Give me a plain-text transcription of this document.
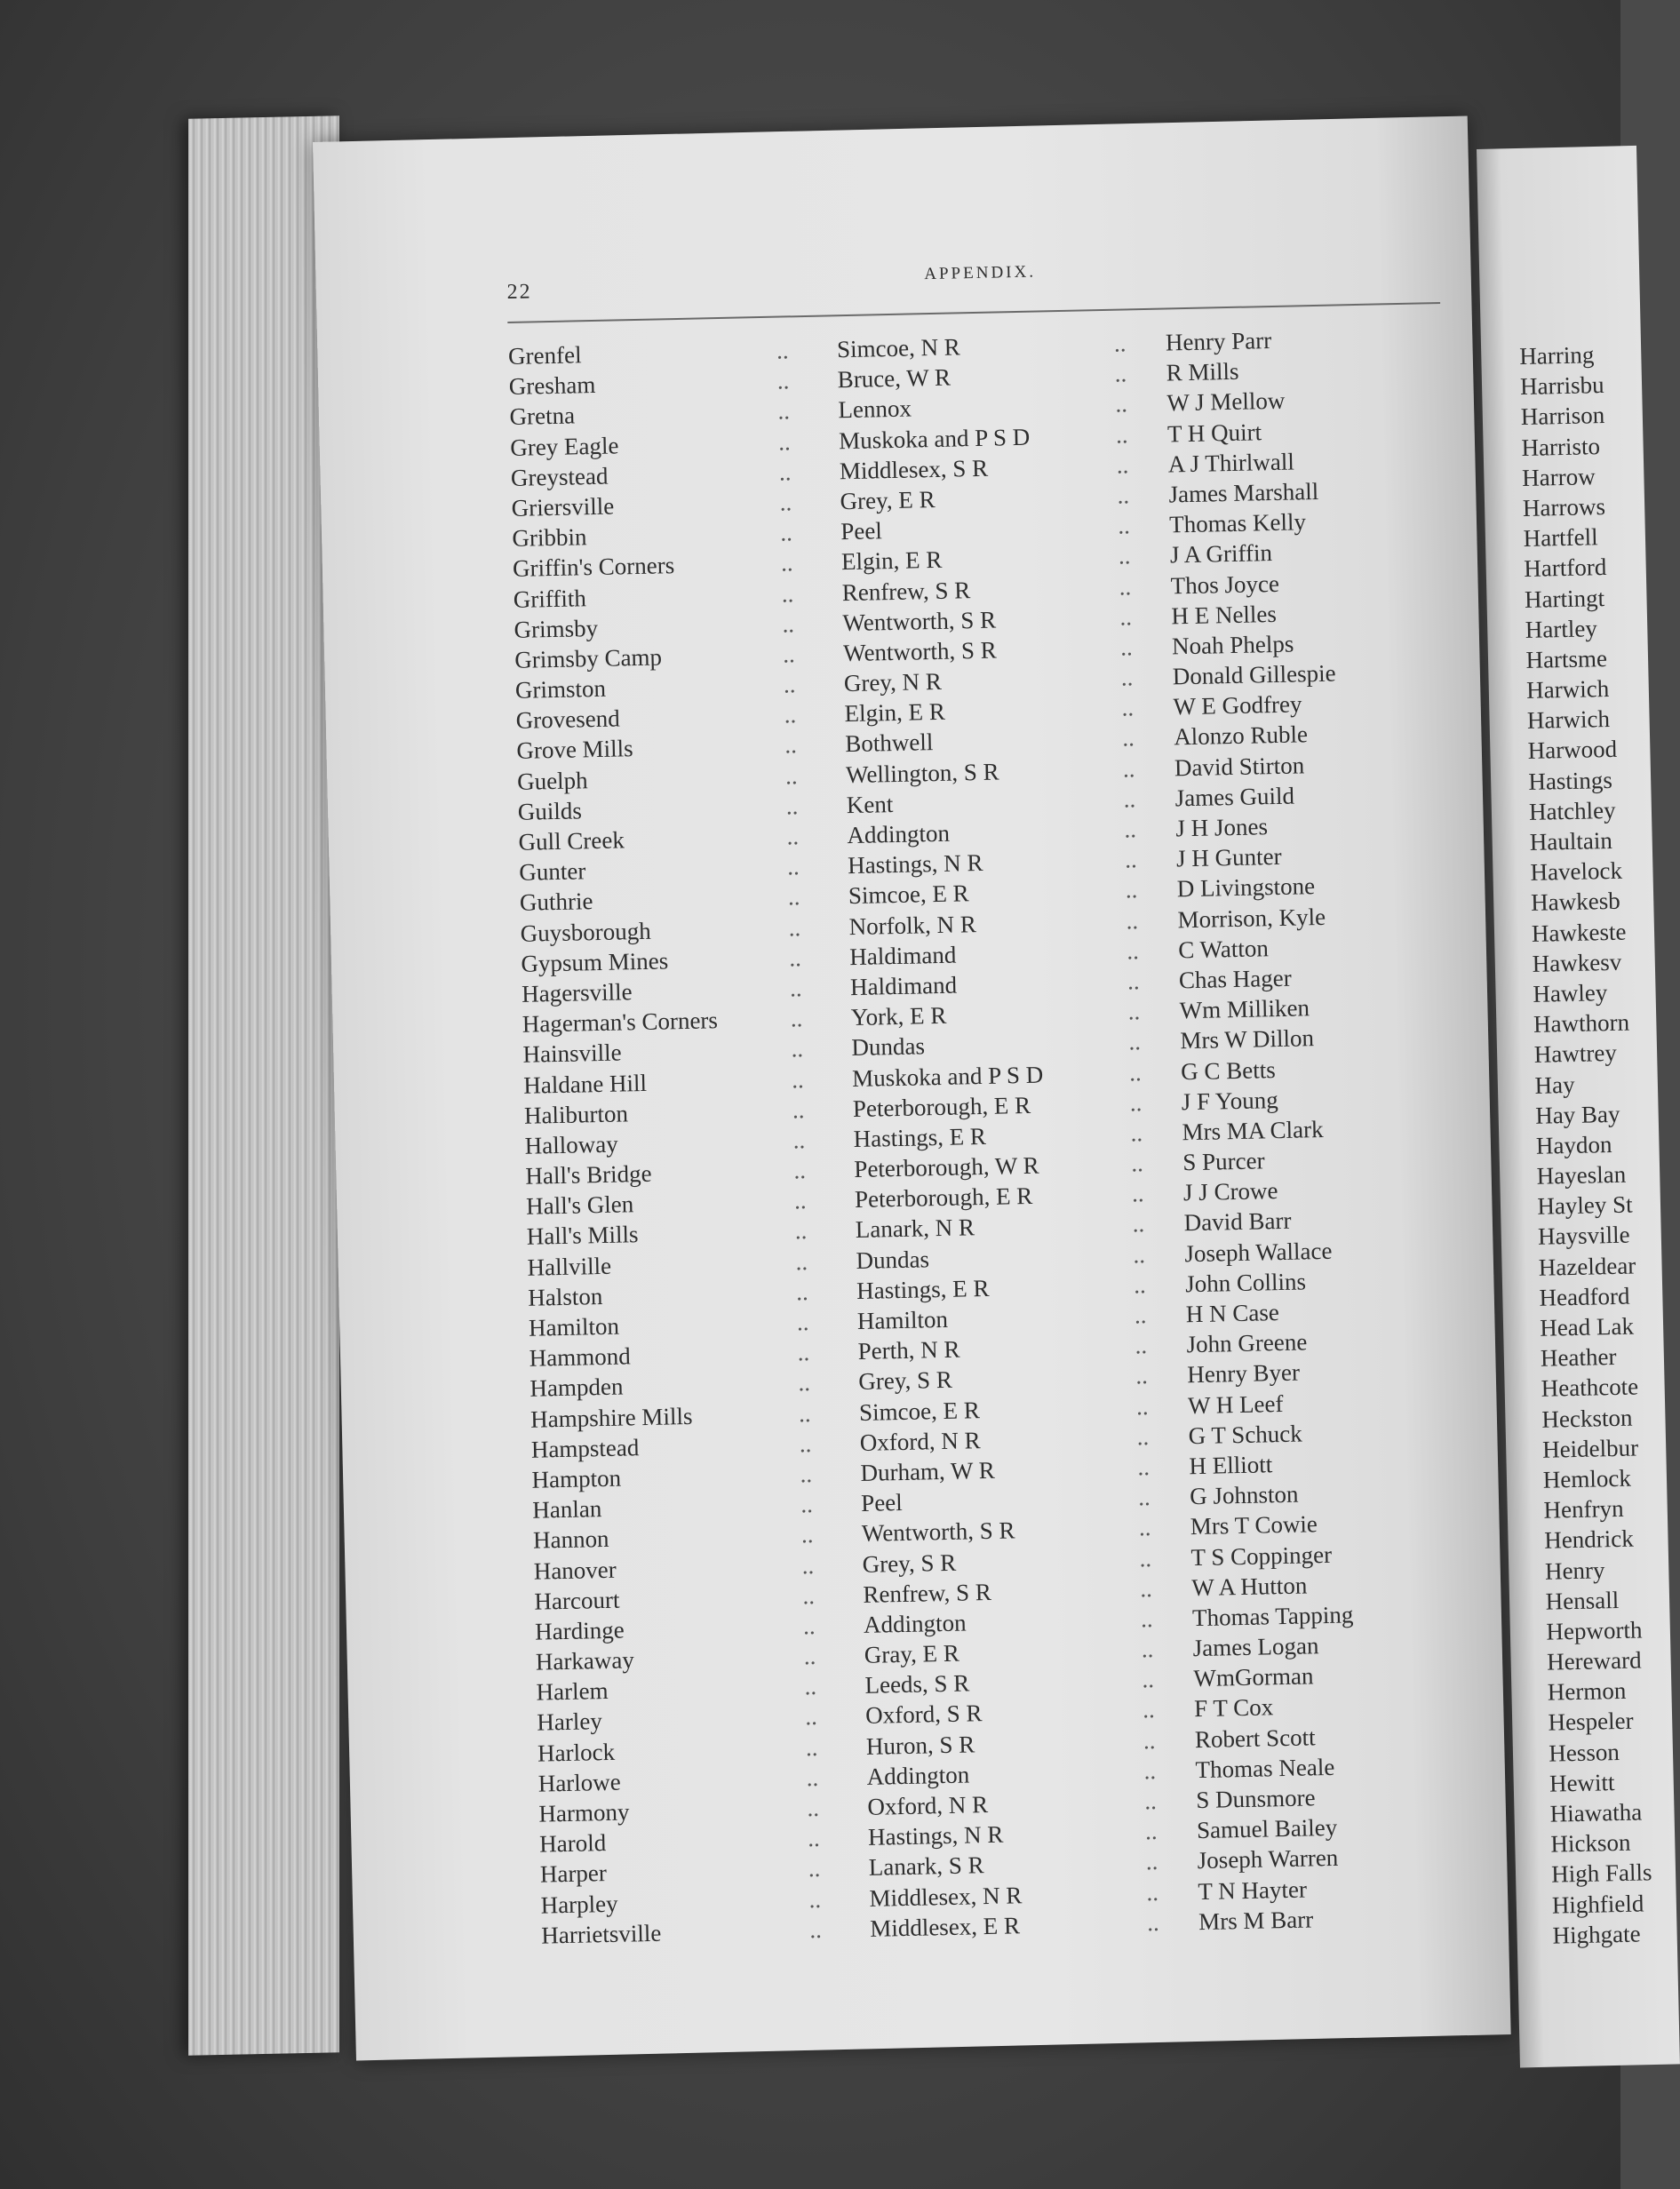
22
APPENDIX.
Grenfel	.. Simcoe, N R	.. Henry Parr
Gresham	.. Bruce, W R	.. R Mills
Gretna	.. Lennox	.. W J Mellow
Grey Eagle	.. Muskoka and P S D	.. T H Quirt
Greystead	.. Middlesex, S R	.. A J Thirlwall
Griersville	.. Grey, E R	.. James Marshall
Gribbin	.. Peel	.. Thomas Kelly
Griffin's Corners	.. Elgin, E R	.. J A Griffin
Griffith	.. Renfrew, S R	.. Thos Joyce
Grimsby	.. Wentworth, S R	.. H E Nelles
Grimsby Camp	.. Wentworth, S R	.. Noah Phelps
Grimston	.. Grey, N R	.. Donald Gillespie
Grovesend	.. Elgin, E R	.. W E Godfrey
Grove Mills	.. Bothwell	.. Alonzo Ruble
Guelph	.. Wellington, S R	.. David Stirton
Guilds	.. Kent	.. James Guild
Gull Creek	.. Addington	.. J H Jones
Gunter	.. Hastings, N R	.. J H Gunter
Guthrie	.. Simcoe, E R	.. D Livingstone
Guysborough	.. Norfolk, N R	.. Morrison, Kyle
Gypsum Mines	.. Haldimand	.. C Watton
Hagersville	.. Haldimand	.. Chas Hager
Hagerman's Corners	.. York, E R	.. Wm Milliken
Hainsville	.. Dundas	.. Mrs W Dillon
Haldane Hill	.. Muskoka and P S D	.. G C Betts
Haliburton	.. Peterborough, E R	.. J F Young
Halloway	.. Hastings, E R	.. Mrs MA Clark
Hall's Bridge	.. Peterborough, W R	.. S Purcer
Hall's Glen	.. Peterborough, E R	.. J J Crowe
Hall's Mills	.. Lanark, N R	.. David Barr
Hallville	.. Dundas	.. Joseph Wallace
Halston	.. Hastings, E R	.. John Collins
Hamilton	.. Hamilton	.. H N Case
Hammond	.. Perth, N R	.. John Greene
Hampden	.. Grey, S R	.. Henry Byer
Hampshire Mills	.. Simcoe, E R	.. W H Leef
Hampstead	.. Oxford, N R	.. G T Schuck
Hampton	.. Durham, W R	.. H Elliott
Hanlan	.. Peel	.. G Johnston
Hannon	.. Wentworth, S R	.. Mrs T Cowie
Hanover	.. Grey, S R	.. T S Coppinger
Harcourt	.. Renfrew, S R	.. W A Hutton
Hardinge	.. Addington	.. Thomas Tapping
Harkaway	.. Gray, E R	.. James Logan
Harlem	.. Leeds, S R	.. WmGorman
Harley	.. Oxford, S R	.. F T Cox
Harlock	.. Huron, S R	.. Robert Scott
Harlowe	.. Addington	.. Thomas Neale
Harmony	.. Oxford, N R	.. S Dunsmore
Harold	.. Hastings, N R	.. Samuel Bailey
Harper	.. Lanark, S R	.. Joseph Warren
Harpley	.. Middlesex, N R	.. T N Hayter
Harrietsville	.. Middlesex, E R	.. Mrs M Barr
Harring
Harrisbu
Harrison
Harristo
Harrow
Harrows
Hartfell
Hartford
Hartingt
Hartley
Hartsme
Harwich
Harwich
Harwood
Hastings
Hatchley
Haultain
Havelock
Hawkesb
Hawkeste
Hawkesv
Hawley
Hawthorn
Hawtrey
Hay
Hay Bay
Haydon
Hayeslan
Hayley St
Haysville
Hazeldear
Headford
Head Lak
Heather
Heathcote
Heckston
Heidelbur
Hemlock
Henfryn
Hendrick
Henry
Hensall
Hepworth
Hereward
Hermon
Hespeler
Hesson
Hewitt
Hiawatha
Hickson
High Falls
Highfield
Highgate
